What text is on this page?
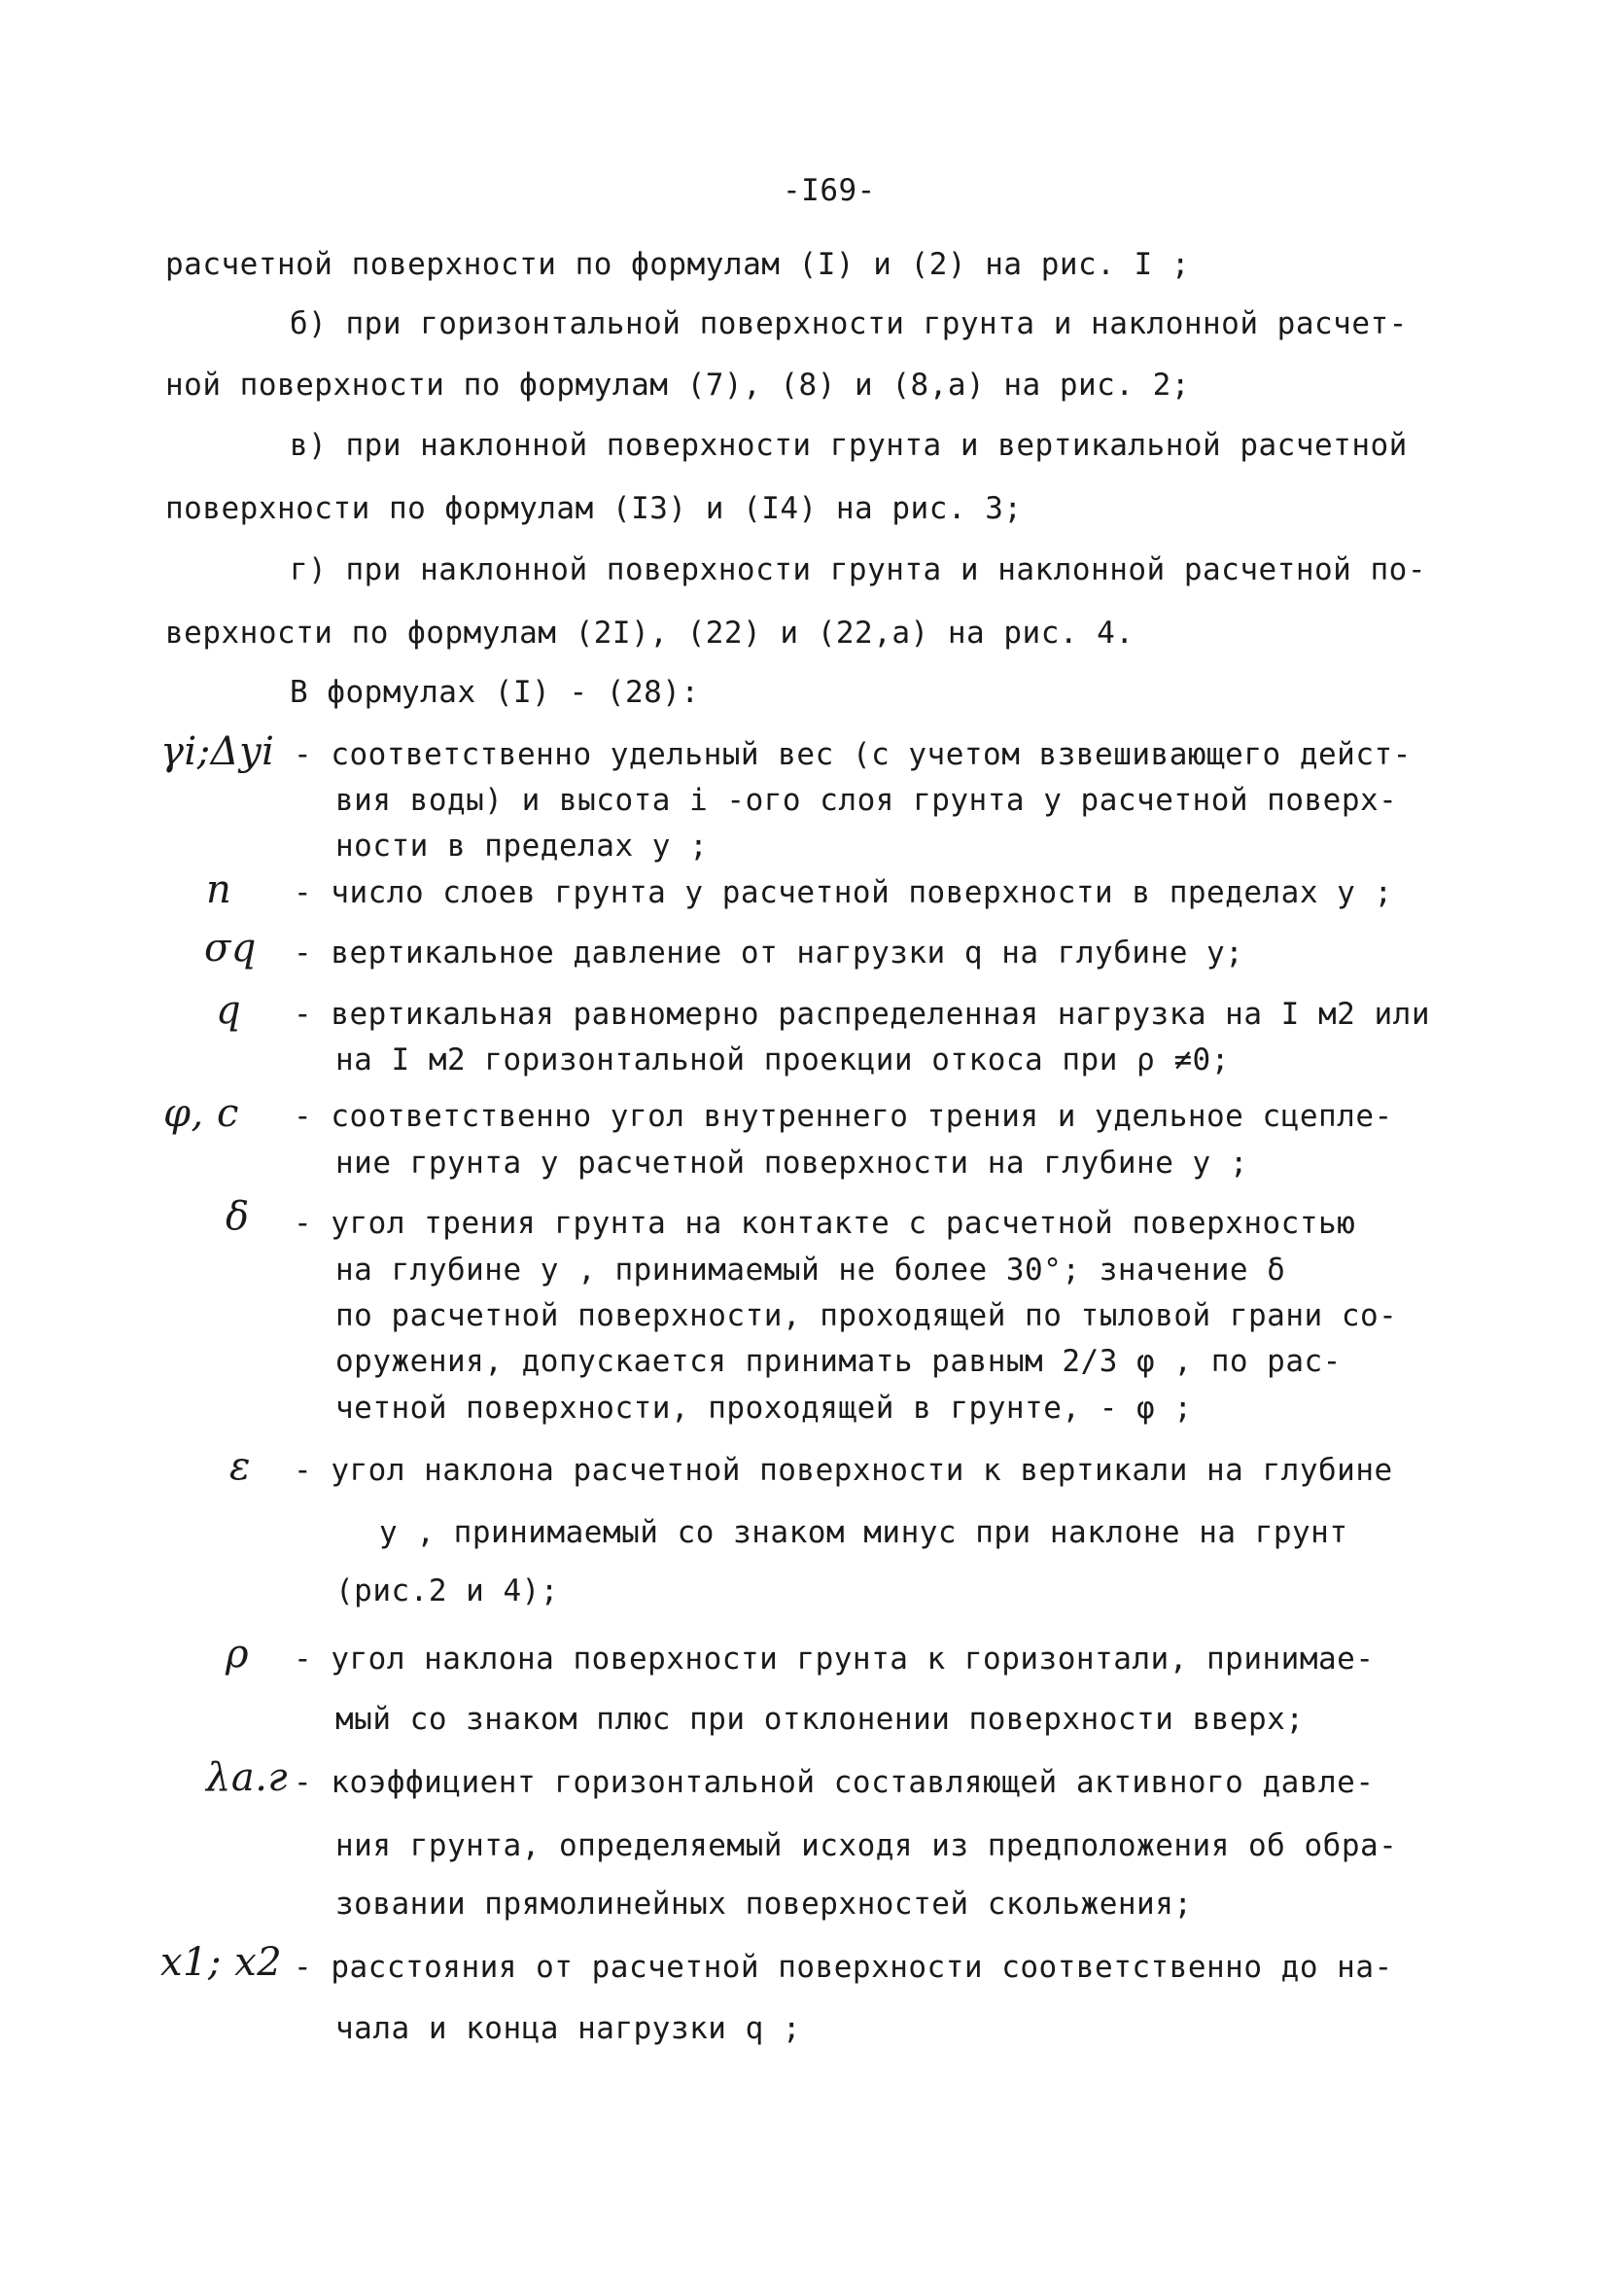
-I69-
расчетной поверхности по формулам (I) и (2) на рис. I ;
б) при горизонтальной поверхности грунта и наклонной расчет-
ной поверхности по формулам (7), (8) и (8,а) на рис. 2;
в) при наклонной поверхности грунта и вертикальной расчетной
поверхности по формулам (I3) и (I4) на рис. 3;
г) при наклонной поверхности грунта и наклонной расчетной по-
верхности по формулам (2I), (22) и (22,а) на рис. 4.
В формулах (I) - (28):
γi;Δyi - соответственно удельный вес (с учетом взвешивающего дейст-
вия воды) и высота i -ого слоя грунта у расчетной поверх-
ности в пределах y ;
n - число слоев грунта у расчетной поверхности в пределах y ;
σq - вертикальное давление от нагрузки q на глубине y;
q - вертикальная равномерно распределенная нагрузка на I м2 или
на I м2 горизонтальной проекции откоса при ρ ≠0;
φ, c - соответственно угол внутреннего трения и удельное сцепле-
ние грунта у расчетной поверхности на глубине y ;
δ - угол трения грунта на контакте с расчетной поверхностью
на глубине y , принимаемый не более 30°; значение δ
по расчетной поверхности, проходящей по тыловой грани со-
оружения, допускается принимать равным 2/3 φ , по рас-
четной поверхности, проходящей в грунте, - φ ;
ε - угол наклона расчетной поверхности к вертикали на глубине
y , принимаемый со знаком минус при наклоне на грунт
(рис.2 и 4);
ρ - угол наклона поверхности грунта к горизонтали, принимае-
мый со знаком плюс при отклонении поверхности вверх;
λa.г - коэффициент горизонтальной составляющей активного давле-
ния грунта, определяемый исходя из предположения об обра-
зовании прямолинейных поверхностей скольжения;
x1; x2 - расстояния от расчетной поверхности соответственно до на-
чала и конца нагрузки q ;
